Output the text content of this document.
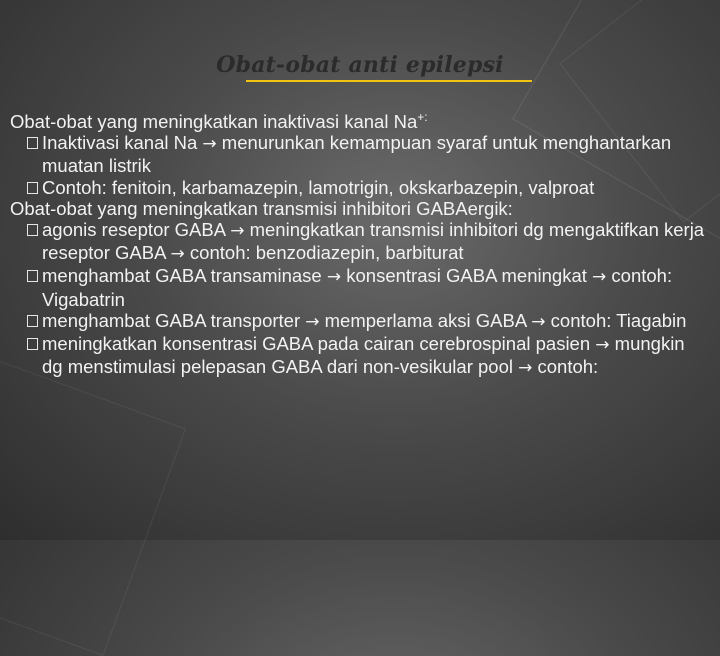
Obat-obat anti epilepsi

Obat-obat yang meningkatkan inaktivasi kanal Na+:

Inaktivasi kanal Na → menurunkan kemampuan syaraf untuk menghantarkan muatan listrik

Contoh: fenitoin, karbamazepin, lamotrigin, okskarbazepin, valproat

Obat-obat yang meningkatkan transmisi inhibitori GABAergik:

agonis reseptor GABA → meningkatkan transmisi inhibitori dg mengaktifkan kerja reseptor GABA → contoh: benzodiazepin, barbiturat

menghambat GABA transaminase → konsentrasi GABA meningkat → contoh: Vigabatrin

menghambat GABA transporter → memperlama aksi GABA → contoh: Tiagabin

meningkatkan konsentrasi GABA pada cairan cerebrospinal pasien → mungkin dg menstimulasi pelepasan GABA dari non-vesikular pool → contoh:
